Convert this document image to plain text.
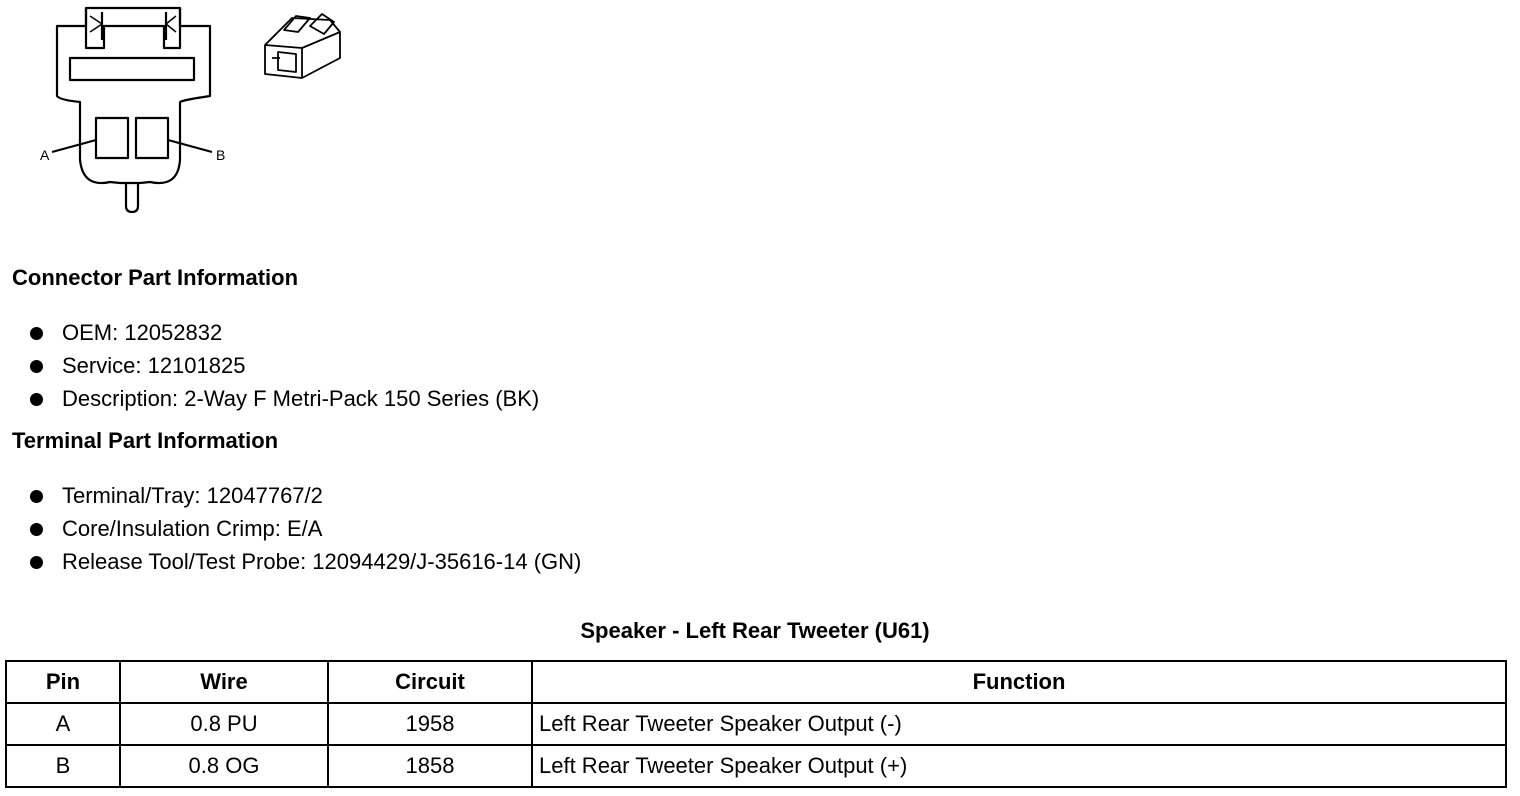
A	B
Connector Part Information
OEM: 12052832
Service: 12101825
Description: 2-Way F Metri-Pack 150 Series (BK)
Terminal Part Information
Terminal/Tray: 12047767/2
Core/Insulation Crimp: E/A
Release Tool/Test Probe: 12094429/J-35616-14 (GN)
Speaker - Left Rear Tweeter (U61)
Pin	Wire	Circuit	Function
A	0.8 PU	1958	Left Rear Tweeter Speaker Output (-)
B	0.8 OG	1858	Left Rear Tweeter Speaker Output (+)
